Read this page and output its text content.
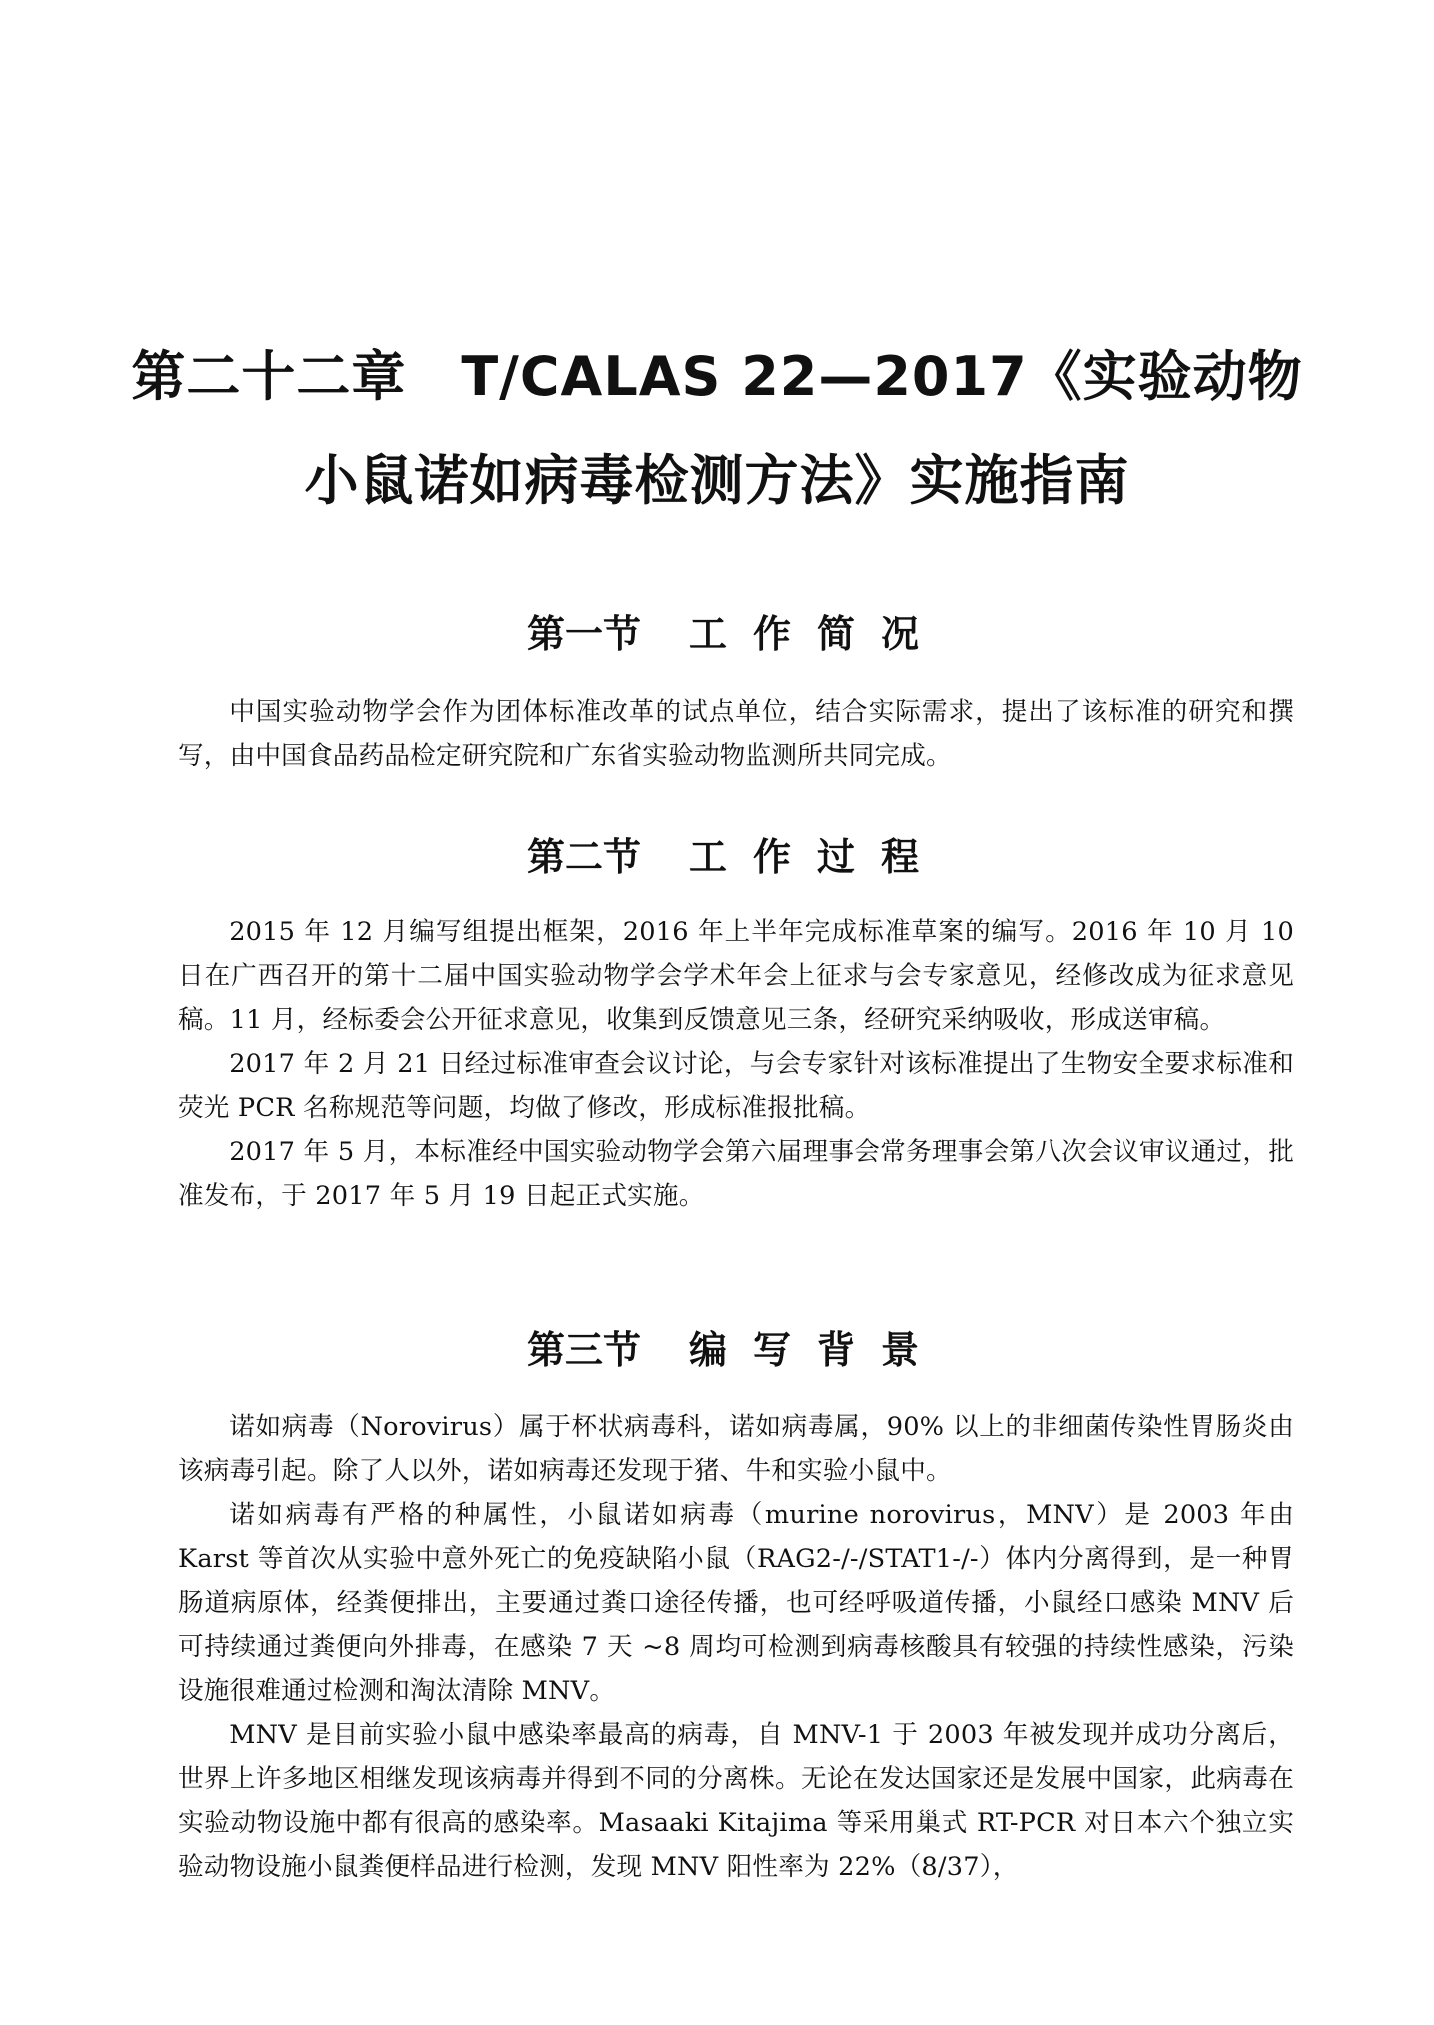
第二十二章　T/CALAS 22—2017《实验动物
小鼠诺如病毒检测方法》实施指南
第一节 工作简况

中国实验动物学会作为团体标准改革的试点单位，结合实际需求，提出了该标准的研究和撰写，由中国食品药品检定研究院和广东省实验动物监测所共同完成。

第二节 工作过程

2015 年 12 月编写组提出框架，2016 年上半年完成标准草案的编写。2016 年 10 月 10 日在广西召开的第十二届中国实验动物学会学术年会上征求与会专家意见，经修改成为征求意见稿。11 月，经标委会公开征求意见，收集到反馈意见三条，经研究采纳吸收，形成送审稿。

2017 年 2 月 21 日经过标准审查会议讨论，与会专家针对该标准提出了生物安全要求标准和荧光 PCR 名称规范等问题，均做了修改，形成标准报批稿。

2017 年 5 月，本标准经中国实验动物学会第六届理事会常务理事会第八次会议审议通过，批准发布，于 2017 年 5 月 19 日起正式实施。

第三节 编写背景

诺如病毒（Norovirus）属于杯状病毒科，诺如病毒属，90% 以上的非细菌传染性胃肠炎由该病毒引起。除了人以外，诺如病毒还发现于猪、牛和实验小鼠中。

诺如病毒有严格的种属性，小鼠诺如病毒（murine norovirus，MNV）是 2003 年由 Karst 等首次从实验中意外死亡的免疫缺陷小鼠（RAG2-/-/STAT1-/-）体内分离得到，是一种胃肠道病原体，经粪便排出，主要通过粪口途径传播，也可经呼吸道传播，小鼠经口感染 MNV 后可持续通过粪便向外排毒，在感染 7 天 ~8 周均可检测到病毒核酸具有较强的持续性感染，污染设施很难通过检测和淘汰清除 MNV。

MNV 是目前实验小鼠中感染率最高的病毒，自 MNV-1 于 2003 年被发现并成功分离后，世界上许多地区相继发现该病毒并得到不同的分离株。无论在发达国家还是发展中国家，此病毒在实验动物设施中都有很高的感染率。Masaaki Kitajima 等采用巢式 RT-PCR 对日本六个独立实验动物设施小鼠粪便样品进行检测，发现 MNV 阳性率为 22%（8/37），
